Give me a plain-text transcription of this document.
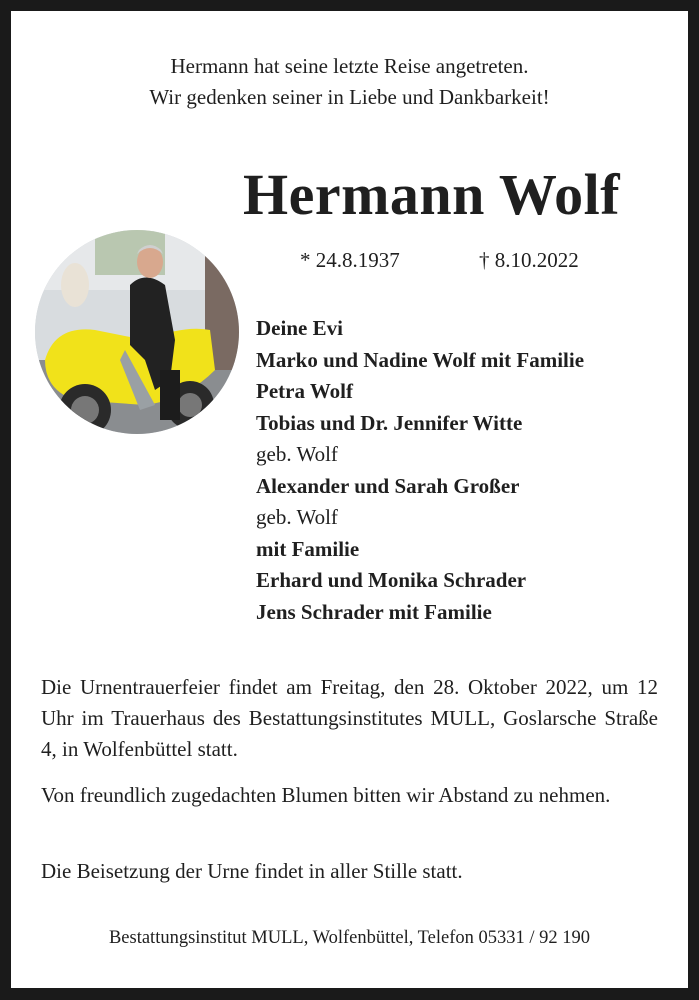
Hermann hat seine letzte Reise angetreten.
Wir gedenken seiner in Liebe und Dankbarkeit!
Hermann Wolf
* 24.8.1937	† 8.10.2022
Deine Evi
Marko und Nadine Wolf mit Familie
Petra Wolf
Tobias und Dr. Jennifer Witte
geb. Wolf
Alexander und Sarah Großer
geb. Wolf
mit Familie
Erhard und Monika Schrader
Jens Schrader mit Familie
Die Urnentrauerfeier findet am Freitag, den 28. Oktober 2022, um 12 Uhr im Trauerhaus des Bestattungsinstitutes MULL, Goslarsche Straße 4, in Wolfenbüttel statt.
Von freundlich zugedachten Blumen bitten wir Abstand zu nehmen.
Die Beisetzung der Urne findet in aller Stille statt.
Bestattungsinstitut MULL, Wolfenbüttel, Telefon 05331 / 92 190
